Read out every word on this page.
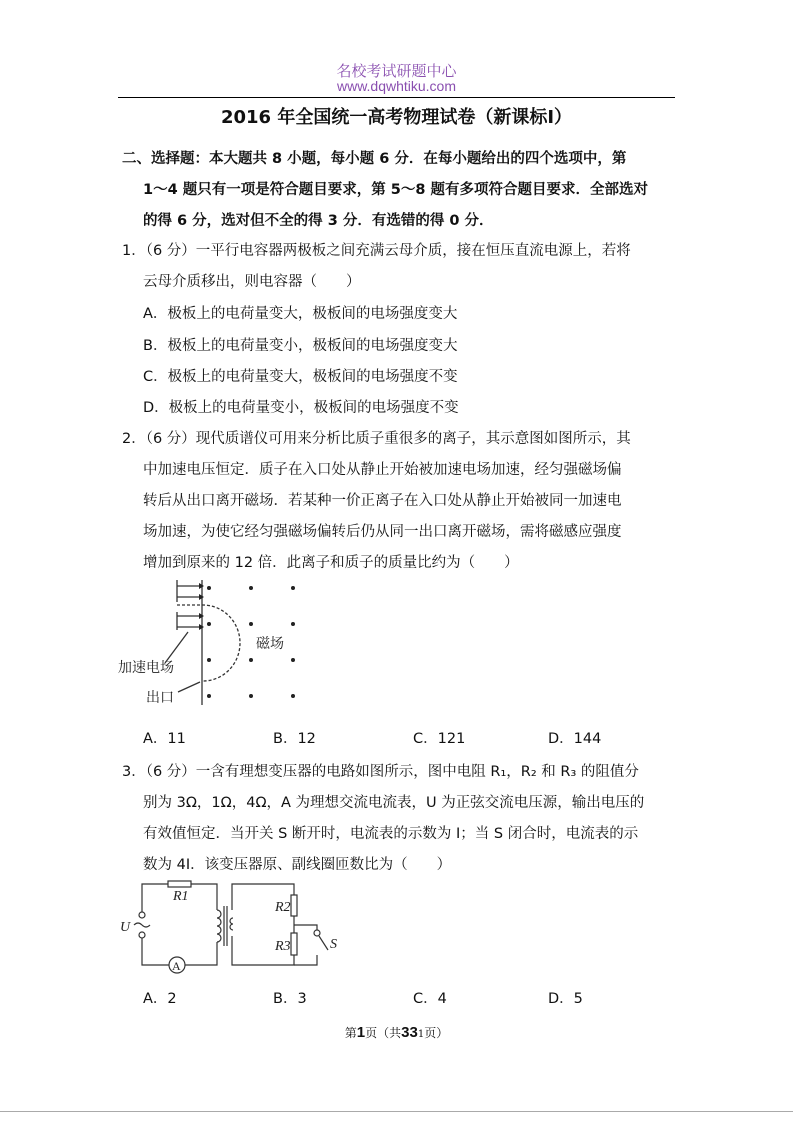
名校考试研题中心
www.dqwhtiku.com
2016 年全国统一高考物理试卷（新课标Ⅰ）
二、选择题：本大题共 8 小题，每小题 6 分．在每小题给出的四个选项中，第
1～4 题只有一项是符合题目要求，第 5～8 题有多项符合题目要求．全部选对
的得 6 分，选对但不全的得 3 分．有选错的得 0 分．
1．（6 分）一平行电容器两极板之间充满云母介质，接在恒压直流电源上，若将
云母介质移出，则电容器（　　）
A．极板上的电荷量变大，极板间的电场强度变大
B．极板上的电荷量变小，极板间的电场强度变大
C．极板上的电荷量变大，极板间的电场强度不变
D．极板上的电荷量变小，极板间的电场强度不变
2．（6 分）现代质谱仪可用来分析比质子重很多的离子，其示意图如图所示，其
中加速电压恒定．质子在入口处从静止开始被加速电场加速，经匀强磁场偏
转后从出口离开磁场．若某种一价正离子在入口处从静止开始被同一加速电
场加速，为使它经匀强磁场偏转后仍从同一出口离开磁场，需将磁感应强度
增加到原来的 12 倍．此离子和质子的质量比约为（　　）
加速电场
出口
磁场
R1
R2
R3
U
S
A
A．11	B．12	C．121	D．144
3．（6 分）一含有理想变压器的电路如图所示，图中电阻 R₁，R₂ 和 R₃ 的阻值分
别为 3Ω，1Ω，4Ω，A 为理想交流电流表，U 为正弦交流电压源，输出电压的
有效值恒定．当开关 S 断开时，电流表的示数为 I；当 S 闭合时，电流表的示
数为 4I．该变压器原、副线圈匝数比为（　　）
A．2	B．3	C．4	D．5
第1页（共331页）
